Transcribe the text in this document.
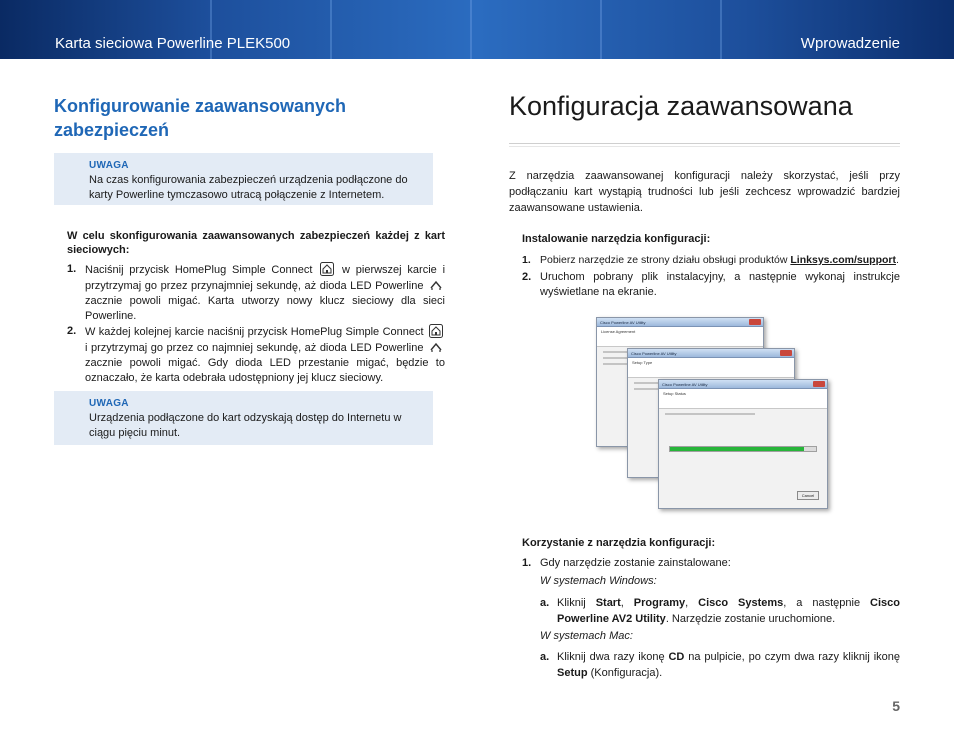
Karta sieciowa Powerline PLEK500	Wprowadzenie
Konfigurowanie zaawansowanych zabezpieczeń
UWAGA
Na czas konfigurowania zabezpieczeń urządzenia podłączone do karty Powerline tymczasowo utracą połączenie z Internetem.
W celu skonfigurowania zaawansowanych zabezpieczeń każdej z kart sieciowych:
1. Naciśnij przycisk HomePlug Simple Connect	w pierwszej karcie i przytrzymaj go przez przynajmniej sekundę, aż dioda LED Powerline  zacznie powoli migać. Karta utworzy nowy klucz sieciowy dla sieci Powerline.
2. W każdej kolejnej karcie naciśnij przycisk HomePlug Simple Connect  i przytrzymaj go przez co najmniej sekundę, aż dioda LED Powerline  zacznie powoli migać. Gdy dioda LED przestanie migać, będzie to oznaczało, że karta odebrała udostępniony jej klucz sieciowy.
UWAGA
Urządzenia podłączone do kart odzyskają dostęp do Internetu w ciągu pięciu minut.
Konfiguracja zaawansowana
Z narzędzia zaawansowanej konfiguracji należy skorzystać, jeśli przy podłączaniu kart wystąpią trudności lub jeśli zechcesz wprowadzić bardziej zaawansowane ustawienia.
Instalowanie narzędzia konfiguracji:
1. Pobierz narzędzie ze strony działu obsługi produktów Linksys.com/support.
2. Uruchom pobrany plik instalacyjny, a następnie wykonaj instrukcje wyświetlane na ekranie.
Cisco Powerline AV Utility
License Agreement
Cisco Powerline AV Utility
Setup Type
Cisco Powerline AV Utility
Setup Status
Cancel
Korzystanie z narzędzia konfiguracji:
1. Gdy narzędzie zostanie zainstalowane:
W systemach Windows:
a. Kliknij Start, Programy, Cisco Systems, a następnie Cisco Powerline AV2 Utility. Narzędzie zostanie uruchomione.
W systemach Mac:
a. Kliknij dwa razy ikonę CD na pulpicie, po czym dwa razy kliknij ikonę Setup (Konfiguracja).
5
